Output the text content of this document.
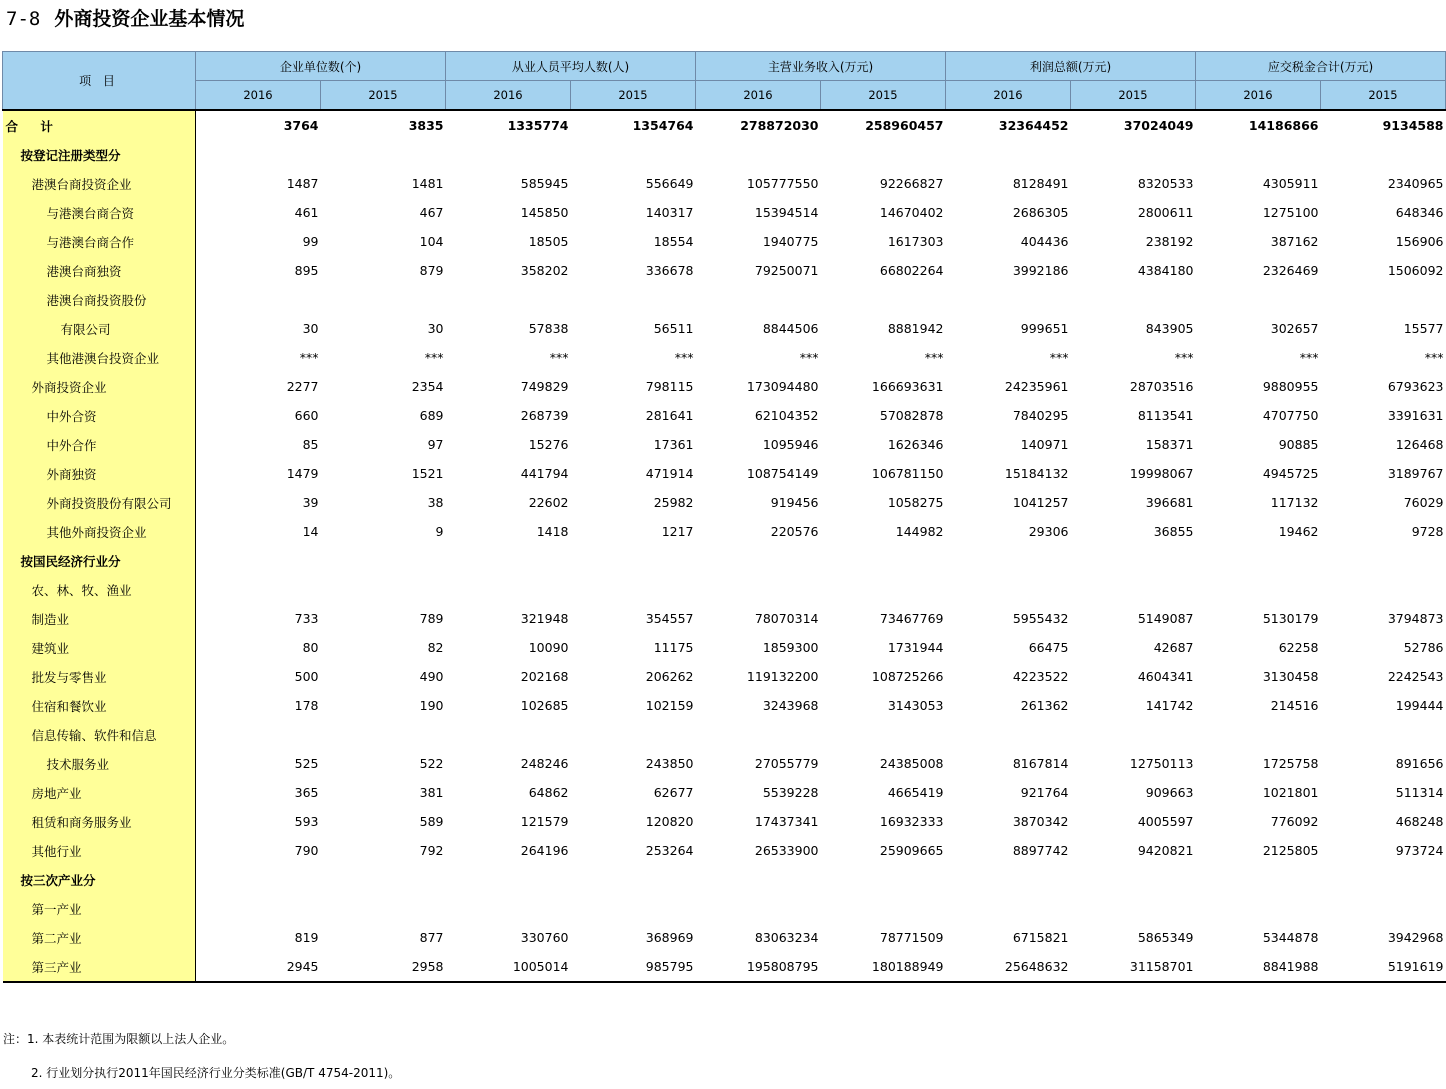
7-8 外商投资企业基本情况
项 目	企业单位数(个)		从业人员平均人数(人)		主营业务收入(万元)		利润总额(万元)		应交税金合计(万元)	
	2016	2015	2016	2015	2016	2015	2016	2015	2016	2015
合 计	3764	3835	1335774	1354764	278872030	258960457	32364452	37024049	14186866	9134588
按登记注册类型分										
港澳台商投资企业	1487	1481	585945	556649	105777550	92266827	8128491	8320533	4305911	2340965
与港澳台商合资	461	467	145850	140317	15394514	14670402	2686305	2800611	1275100	648346
与港澳台商合作	99	104	18505	18554	1940775	1617303	404436	238192	387162	156906
港澳台商独资	895	879	358202	336678	79250071	66802264	3992186	4384180	2326469	1506092
港澳台商投资股份										
有限公司	30	30	57838	56511	8844506	8881942	999651	843905	302657	15577
其他港澳台投资企业	***	***	***	***	***	***	***	***	***	***
外商投资企业	2277	2354	749829	798115	173094480	166693631	24235961	28703516	9880955	6793623
中外合资	660	689	268739	281641	62104352	57082878	7840295	8113541	4707750	3391631
中外合作	85	97	15276	17361	1095946	1626346	140971	158371	90885	126468
外商独资	1479	1521	441794	471914	108754149	106781150	15184132	19998067	4945725	3189767
外商投资股份有限公司	39	38	22602	25982	919456	1058275	1041257	396681	117132	76029
其他外商投资企业	14	9	1418	1217	220576	144982	29306	36855	19462	9728
按国民经济行业分										
农、林、牧、渔业										
制造业	733	789	321948	354557	78070314	73467769	5955432	5149087	5130179	3794873
建筑业	80	82	10090	11175	1859300	1731944	66475	42687	62258	52786
批发与零售业	500	490	202168	206262	119132200	108725266	4223522	4604341	3130458	2242543
住宿和餐饮业	178	190	102685	102159	3243968	3143053	261362	141742	214516	199444
信息传输、软件和信息										
技术服务业	525	522	248246	243850	27055779	24385008	8167814	12750113	1725758	891656
房地产业	365	381	64862	62677	5539228	4665419	921764	909663	1021801	511314
租赁和商务服务业	593	589	121579	120820	17437341	16932333	3870342	4005597	776092	468248
其他行业	790	792	264196	253264	26533900	25909665	8897742	9420821	2125805	973724
按三次产业分										
第一产业										
第二产业	819	877	330760	368969	83063234	78771509	6715821	5865349	5344878	3942968
第三产业	2945	2958	1005014	985795	195808795	180188949	25648632	31158701	8841988	5191619
注：1. 本表统计范围为限额以上法人企业。
2. 行业划分执行2011年国民经济行业分类标准(GB/T 4754-2011)。
